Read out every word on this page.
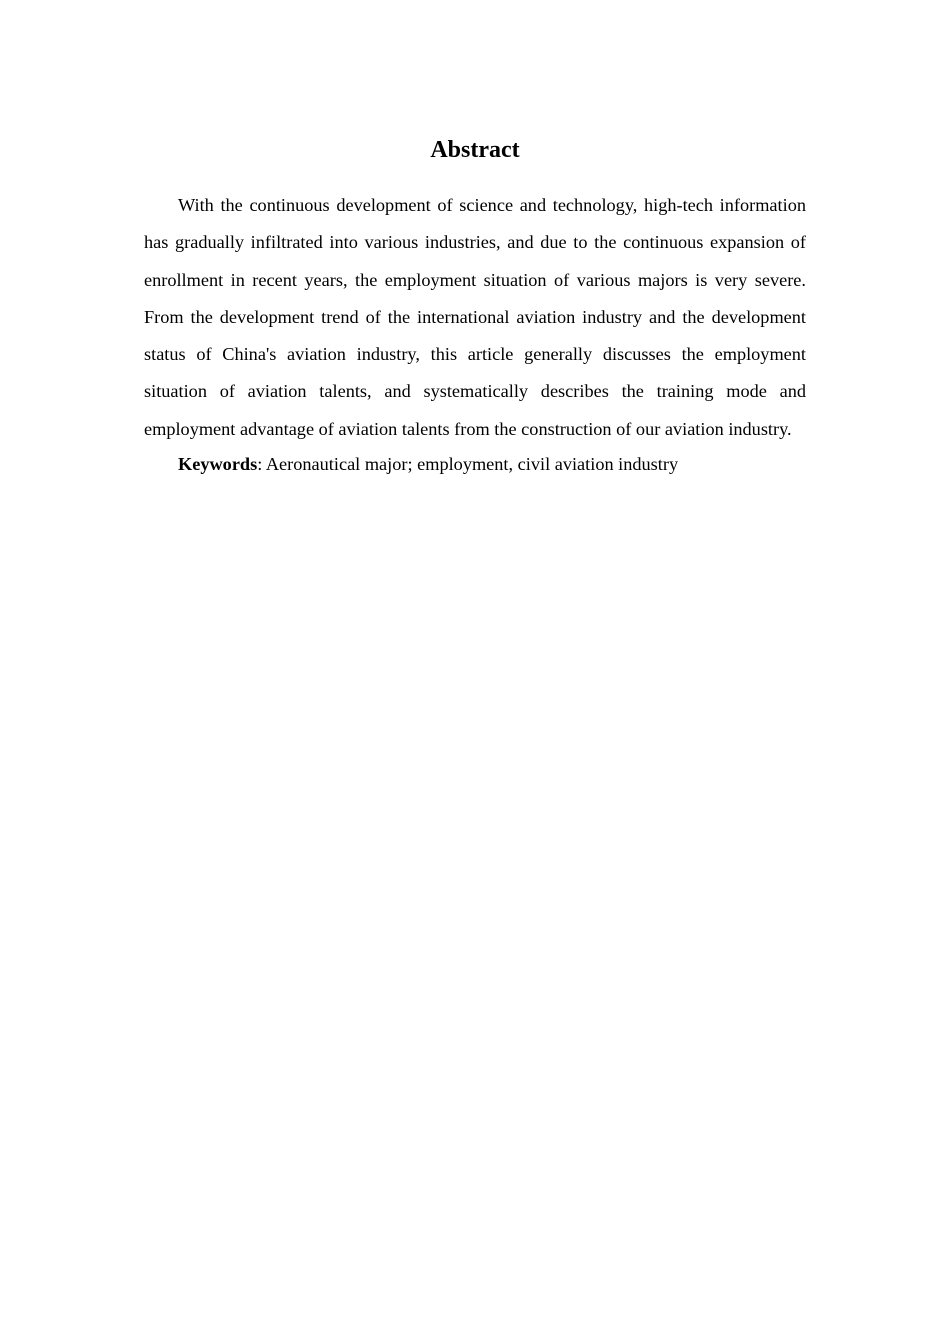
Abstract

With the continuous development of science and technology, high-tech information has gradually infiltrated into various industries, and due to the continuous expansion of enrollment in recent years, the employment situation of various majors is very severe. From the development trend of the international aviation industry and the development status of China's aviation industry, this article generally discusses the employment situation of aviation talents, and systematically describes the training mode and employment advantage of aviation talents from the construction of our aviation industry.

Keywords: Aeronautical major; employment, civil aviation industry
